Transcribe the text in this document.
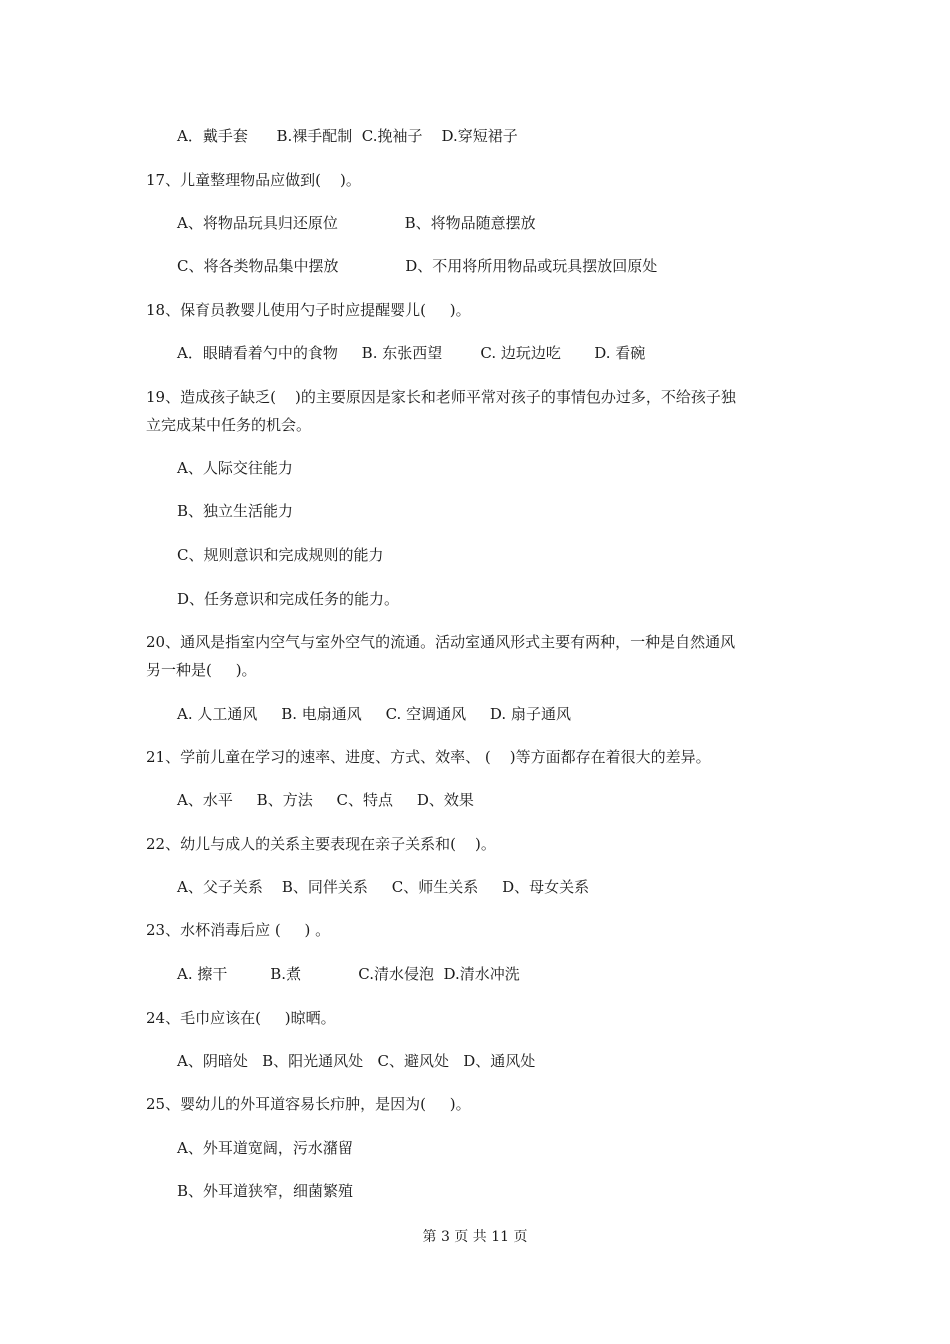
A．戴手套      B.裸手配制  C.挽袖子    D.穿短裙子
17、儿童整理物品应做到(    )。
A、将物品玩具归还原位              B、将物品随意摆放
C、将各类物品集中摆放              D、不用将所用物品或玩具摆放回原处
18、保育员教婴儿使用勺子时应提醒婴儿(     )。
A．眼睛看着勺中的食物     B. 东张西望        C. 边玩边吃       D. 看碗
19、造成孩子缺乏(    )的主要原因是家长和老师平常对孩子的事情包办过多，不给孩子独
立完成某中任务的机会。
A、人际交往能力
B、独立生活能力
C、规则意识和完成规则的能力
D、任务意识和完成任务的能力。
20、通风是指室内空气与室外空气的流通。活动室通风形式主要有两种，一种是自然通风
另一种是(     )。
A. 人工通风     B. 电扇通风     C. 空调通风     D. 扇子通风
21、学前儿童在学习的速率、进度、方式、效率、 (    )等方面都存在着很大的差异。
A、水平     B、方法     C、特点     D、效果
22、幼儿与成人的关系主要表现在亲子关系和(    )。
A、父子关系    B、同伴关系     C、师生关系     D、母女关系
23、水杯消毒后应 (     ) 。
A. 擦干         B.煮            C.清水侵泡  D.清水冲洗
24、毛巾应该在(     )晾晒。
A、阴暗处   B、阳光通风处   C、避风处   D、通风处
25、婴幼儿的外耳道容易长疖肿，是因为(     )。
A、外耳道宽阔，污水潴留
B、外耳道狭窄，细菌繁殖
第 3 页 共 11 页
